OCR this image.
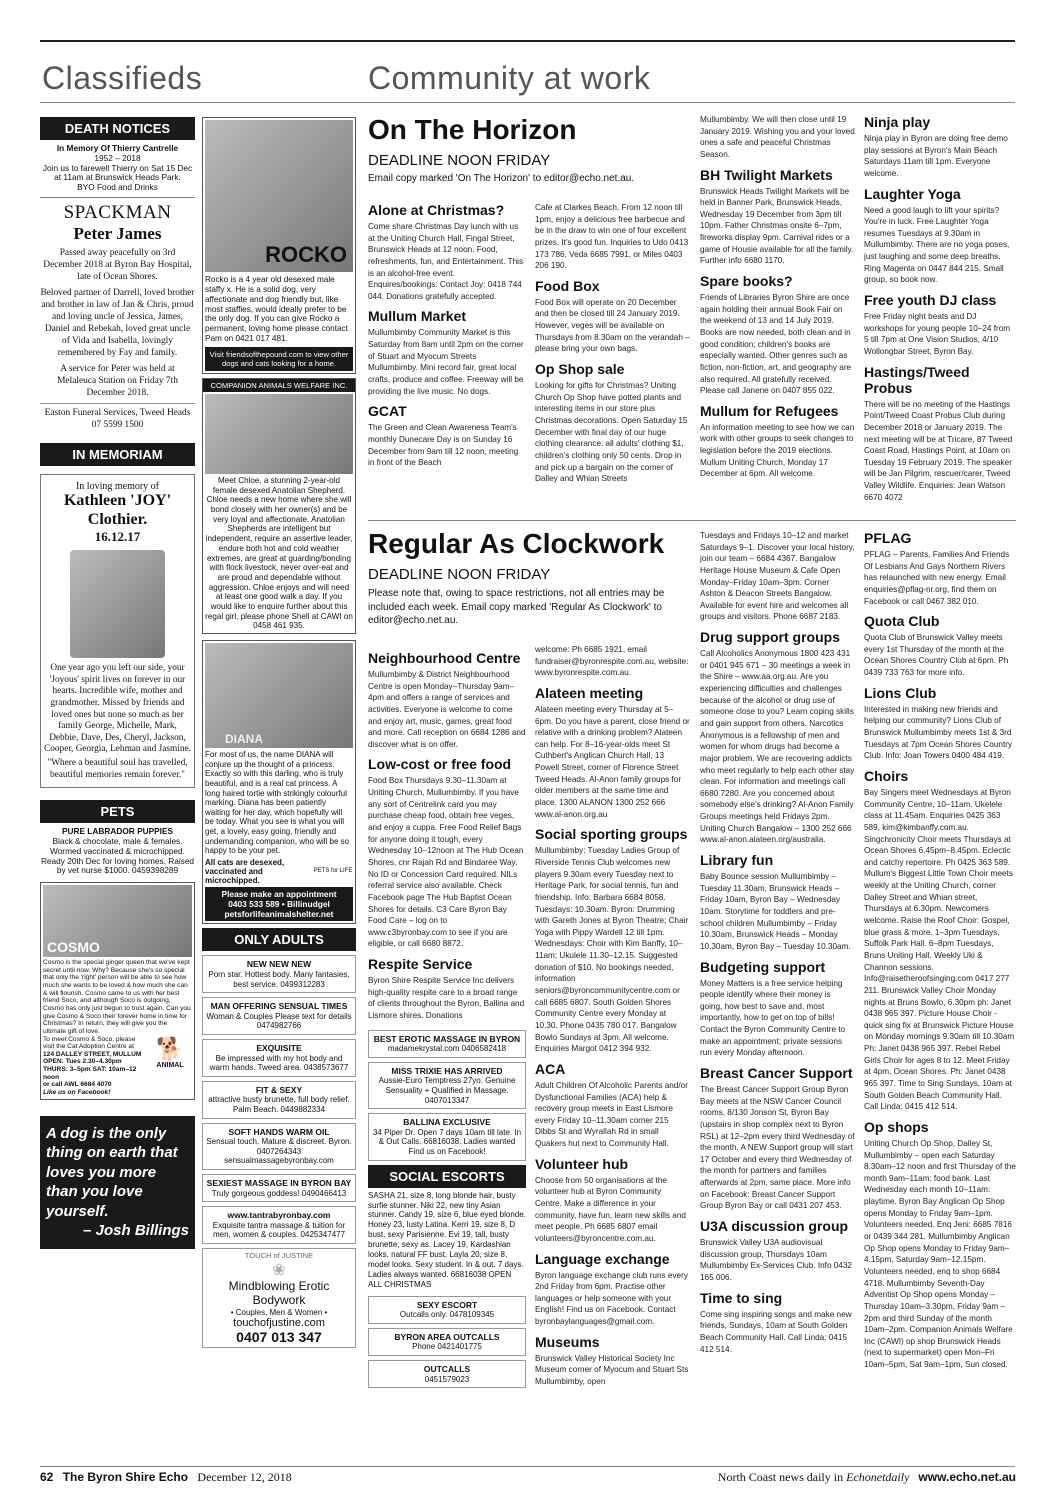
Classifieds	Community at work
DEATH NOTICES
In Memory Of Thierry Cantrelle
1952 – 2018
Join us to farewell Thierry on Sat 15 Dec
at 11am at Brunswick Heads Park.
BYO Food and Drinks
SPACKMAN
Peter James
Passed away peacefully on 3rd December 2018 at Byron Bay Hospital, late of Ocean Shores.
Beloved partner of Darrell, loved brother and brother in law of Jan & Chris, proud and loving uncle of Jessica, James, Daniel and Rebekah, loved great uncle of Vida and Isabella, lovingly remembered by Fay and family.
A service for Peter was held at Melaleuca Station on Friday 7th December 2018.
Easton Funeral Services, Tweed Heads 07 5599 1500
IN MEMORIAM
In loving memory of
Kathleen 'JOY' Clothier.
16.12.17
One year ago you left our side, your 'Joyous' spirit lives on forever in our hearts. Incredible wife, mother and grandmother. Missed by friends and loved ones but none so much as her family George, Michelle, Mark, Debbie, Dave, Des, Cheryl, Jackson, Cooper, Georgia, Lehman and Jasmine.
"Where a beautiful soul has travelled, beautiful memories remain forever."
PETS
PURE LABRADOR PUPPIES
Black & chocolate, male & females. Wormed vaccinated & microchipped. Ready 20th Dec for loving homes. Raised by vet nurse $1000. 0459398289
COSMO
Cosmo is the special ginger queen that we've kept secret until now. Why? Because she's so special that only the 'right' person will be able to see how much she wants to be loved & how much she can & will flourish. Cosmo came to us with her best friend Soco, and although Soco is outgoing, Cosmo has only just begun to trust again. Can you give Cosmo & Soco their forever home in time for Christmas? In return, they will give you the ultimate gift of love.
To meet Cosmo & Soco, please visit the Cat Adoption Centre at
124 DALLEY STREET, MULLUM
OPEN: Tues 2.30–4.30pm THURS: 3–5pm SAT: 10am–12 noon
or call AWL 6684 4070
Like us on Facebook!
🐕
ANIMAL
A dog is the only thing on earth that loves you more than you love yourself.
– Josh Billings
ROCKO
Rocko is a 4 year old desexed male staffy x. He is a solid dog, very affectionate and dog friendly but, like most staffies, would ideally prefer to be the only dog. If you can give Rocko a permanent, loving home please contact Pam on 0421 017 481.
Visit friendsofthepound.com to view other dogs and cats looking for a home.
COMPANION ANIMALS WELFARE INC.
Meet Chloe, a stunning 2-year-old female desexed Anatolian Shepherd. Chloe needs a new home where she will bond closely with her owner(s) and be very loyal and affectionate. Anatolian Shepherds are intelligent but independent, require an assertive leader, endure both hot and cold weather extremes, are great at guarding/bonding with flock livestock, never over-eat and are proud and dependable without aggression. Chloe enjoys and will need at least one good walk a day. If you would like to enquire further about this regal girl, please phone Shell at CAWI on 0458 461 935.
DIANA
For most of us, the name DIANA will conjure up the thought of a princess. Exactly so with this darling, who is truly beautiful, and is a real cat princess. A long haired tortie with strikingly colourful marking. Diana has been patiently waiting for her day, which hopefully will be today. What you see is what you will get, a lovely, easy going, friendly and undemanding companion, who will be so happy to be your pet.
All cats are desexed, vaccinated and microchipped.
PETS for LIFE
Please make an appointment
0403 533 589 • Billinudgel
petsforlifeanimalshelter.net
ONLY ADULTS
NEW NEW NEW
Porn star. Hottest body. Many fantasies, best service. 0499312283
MAN OFFERING SENSUAL TIMES
Woman & Couples Please text for details 0474982766
EXQUISITE
Be impressed with my hot body and warm hands. Tweed area. 0438573677
FIT & SEXY
attractive busty brunette, full body relief. Palm Beach. 0449882334
SOFT HANDS WARM OIL
Sensual touch. Mature & discreet. Byron. 0407264343 sensualmassagebyronbay.com
SEXIEST MASSAGE IN BYRON BAY
Truly gorgeous goddess! 0490466413
www.tantrabyronbay.com
Exquisite tantra massage & tuition for men, women & couples. 0425347477
TOUCH of JUSTINE
❀
Mindblowing Erotic Bodywork
• Couples, Men & Women •
touchofjustine.com
0407 013 347
On The Horizon
DEADLINE NOON FRIDAY
Email copy marked 'On The Horizon' to editor@echo.net.au.
Alone at Christmas?
Come share Christmas Day lunch with us at the Uniting Church Hall, Fingal Street, Brunswick Heads at 12 noon. Food, refreshments, fun, and Entertainment. This is an alcohol-free event. Enquires/bookings: Contact Joy: 0418 744 044. Donations gratefully accepted.
Mullum Market
Mullumbimby Community Market is this Saturday from 8am until 2pm on the corner of Stuart and Myocum Streets Mullumbimby. Mini record fair, great local crafts, produce and coffee. Freeway will be providing the live music. No dogs.
GCAT
The Green and Clean Awareness Team's monthly Dunecare Day is on Sunday 16 December from 9am till 12 noon, meeting in front of the Beach
Cafe at Clarkes Beach. From 12 noon till 1pm, enjoy a delicious free barbecue and be in the draw to win one of four excellent prizes. It's good fun. Inquiries to Udo 0413 173 786, Veda 6685 7991, or Miles 0403 206 190.
Food Box
Food Box will operate on 20 December and then be closed till 24 January 2019. However, veges will be available on Thursdays from 8.30am on the verandah – please bring your own bags.
Op Shop sale
Looking for gifts for Christmas? Uniting Church Op Shop have potted plants and interesting items in our store plus Christmas decorations. Open Saturday 15 December with final day of our huge clothing clearance: all adults' clothing $1, children's clothing only 50 cents. Drop in and pick up a bargain on the corner of Dalley and Whian Streets
Mullumbimby. We will then close until 19 January 2019. Wishing you and your loved ones a safe and peaceful Christmas Season.
BH Twilight Markets
Brunswick Heads Twilight Markets will be held in Banner Park, Brunswick Heads, Wednesday 19 December from 3pm till 10pm. Father Christmas onsite 6–7pm, fireworks display 9pm. Carnival rides or a game of Housie available for all the family. Further info 6680 1170.
Spare books?
Friends of Libraries Byron Shire are once again holding their annual Book Fair on the weekend of 13 and 14 July 2019. Books are now needed, both clean and in good condition; children's books are especially wanted. Other genres such as fiction, non-fiction, art, and geography are also required. All gratefully received. Please call Janene on 0407 855 022.
Mullum for Refugees
An information meeting to see how we can work with other groups to seek changes to legislation before the 2019 elections. Mullum Uniting Church, Monday 17 December at 6pm. All welcome.
Ninja play
Ninja play in Byron are doing free demo play sessions at Byron's Main Beach Saturdays 11am till 1pm. Everyone welcome.
Laughter Yoga
Need a good laugh to lift your spirits? You're in luck. Free Laughter Yoga resumes Tuesdays at 9.30am in Mullumbimby. There are no yoga poses, just laughing and some deep breaths. Ring Magenta on 0447 844 215. Small group, so book now.
Free youth DJ class
Free Friday night beats and DJ workshops for young people 10–24 from 5 till 7pm at One Vision Studios, 4/10 Wollongbar Street, Byron Bay.
Hastings/Tweed Probus
There will be no meeting of the Hastings Point/Tweed Coast Probus Club during December 2018 or January 2019. The next meeting will be at Tricare, 87 Tweed Coast Road, Hastings Point, at 10am on Tuesday 19 February 2019. The speaker will be Jan Pilgrim, rescuer/carer, Tweed Valley Wildlife. Enquiries: Jean Watson 6670 4072
Regular As Clockwork
DEADLINE NOON FRIDAY
Please note that, owing to space restrictions, not all entries may be included each week. Email copy marked 'Regular As Clockwork' to editor@echo.net.au.
Neighbourhood Centre
Mullumbimby & District Neighbourhood Centre is open Monday–Thursday 9am–4pm and offers a range of services and activities. Everyone is welcome to come and enjoy art, music, games, great food and more. Call reception on 6684 1286 and discover what is on offer.
Low-cost or free food
Food Box Thursdays 9.30–11.30am at Uniting Church, Mullumbimby. If you have any sort of Centrelink card you may purchase cheap food, obtain free veges, and enjoy a cuppa. Free Food Relief Bags for anyone doing it tough, every Wednesday 10–12noon at The Hub Ocean Shores, cnr Rajah Rd and Bindaree Way. No ID or Concession Card required. NILs referral service also available. Check Facebook page The Hub Baptist Ocean Shores for details. C3 Care Byron Bay Food Care – log on to www.c3byronbay.com to see if you are eligible, or call 6680 8872.
Respite Service
Byron Shire Respite Service Inc delivers high-quality respite care to a broad range of clients throughout the Byron, Ballina and Lismore shires. Donations
BEST EROTIC MASSAGE IN BYRON
madamekrystal.com 0406582418
MISS TRIXIE HAS ARRIVED
Aussie-Euro Temptress 27yo. Genuine Sensuality + Qualified in Massage. 0407013347
BALLINA EXCLUSIVE
34 Piper Dr. Open 7 days 10am till late. In & Out Calls. 66816038. Ladies wanted Find us on Facebook!
SOCIAL ESCORTS
SASHA 21, size 8, long blonde hair, busty surfie stunner. Niki 22, new tiny Asian stunner. Candy 19, size 6, blue eyed blonde. Honey 23, lusty Latina. Kerri 19, size 8, D bust, sexy Parisienne. Evi 19, tall, busty brunette, sexy as. Lacey 19, Kardashian looks, natural FF bust. Layla 20, size 8, model looks. Sexy student. In & out. 7 days. Ladies always wanted. 66816038 OPEN ALL CHRISTMAS
SEXY ESCORT
Outcalls only. 0478109345
BYRON AREA OUTCALLS
Phone 0421401775
OUTCALLS
0451579023
welcome: Ph 6685 1921, email fundraiser@byronrespite.com.au, website: www.byronrespite.com.au.
Alateen meeting
Alateen meeting every Thursday at 5–6pm. Do you have a parent, close friend or relative with a drinking problem? Alateen can help. For 8–16-year-olds meet St Cuthbert's Anglican Church Hall, 13 Powell Street, corner of Florence Street Tweed Heads. Al-Anon family groups for older members at the same time and place. 1300 ALANON 1300 252 666 www.al-anon.org.au
Social sporting groups
Mullumbimby: Tuesday Ladies Group of Riverside Tennis Club welcomes new players 9.30am every Tuesday next to Heritage Park, for social tennis, fun and friendship. Info: Barbara 6684 8058. Tuesdays: 10.30am. Byron: Drumming with Gareth Jones at Byron Theatre; Chair Yoga with Pippy Wardell 12 till 1pm. Wednesdays: Choir with Kim Banffy, 10–11am; Ukulele 11.30–12.15. Suggested donation of $10. No bookings needed, information seniors@byroncommunitycentre.com or call 6685 6807. South Golden Shores Community Centre every Monday at 10.30. Phone 0435 780 017. Bangalow Bowlo Sundays at 3pm. All welcome. Enquiries Margot 0412 394 932.
ACA
Adult Children Of Alcoholic Parents and/or Dysfunctional Families (ACA) help & recovery group meets in East Lismore every Friday 10–11.30am corner 215 Dibbs St and Wyrallah Rd in small Quakers hut next to Community Hall.
Volunteer hub
Choose from 50 organisations at the volunteer hub at Byron Community Centre. Make a difference in your community, have fun, learn new skills and meet people. Ph 6685 6807 email volunteers@byroncentre.com.au.
Language exchange
Byron language exchange club runs every 2nd Friday from 6pm. Practise other languages or help someone with your English! Find us on Facebook. Contact byronbaylanguages@gmail.com.
Museums
Brunswick Valley Historical Society Inc Museum corner of Myocum and Stuart Sts Mullumbimby, open
Tuesdays and Fridays 10–12 and market Saturdays 9–1. Discover your local history, join our team – 6684 4367. Bangalow Heritage House Museum & Cafe Open Monday–Friday 10am–3pm. Corner Ashton & Deacon Streets Bangalow. Available for event hire and welcomes all groups and visitors. Phone 6687 2183.
Drug support groups
Call Alcoholics Anonymous 1800 423 431 or 0401 945 671 – 30 meetings a week in the Shire – www.aa.org.au. Are you experiencing difficulties and challenges because of the alcohol or drug use of someone close to you? Learn coping skills and gain support from others. Narcotics Anonymous is a fellowship of men and women for whom drugs had become a major problem. We are recovering addicts who meet regularly to help each other stay clean. For information and meetings call 6680 7280. Are you concerned about somebody else's drinking? Al-Anon Family Groups meetings held Fridays 2pm. Uniting Church Bangalow – 1300 252 666 www.al-anon.alateen.org/australia.
Library fun
Baby Bounce session Mullumbimby – Tuesday 11.30am, Brunswick Heads – Friday 10am, Byron Bay – Wednesday 10am. Storytime for toddlers and pre-school children Mullumbimby – Friday 10.30am, Brunswick Heads – Monday 10.30am, Byron Bay – Tuesday 10.30am.
Budgeting support
Money Matters is a free service helping people identify where their money is going, how best to save and, most importantly, how to get on top of bills! Contact the Byron Community Centre to make an appointment; private sessions run every Monday afternoon.
Breast Cancer Support
The Breast Cancer Support Group Byron Bay meets at the NSW Cancer Council rooms, 8/130 Jonson St, Byron Bay (upstairs in shop complex next to Byron RSL) at 12–2pm every third Wednesday of the month. A NEW Support group will start 17 October and every third Wednesday of the month for partners and families afterwards at 2pm, same place. More info on Facebook: Breast Cancer Support Group Byron Bay or call 0431 207 453.
U3A discussion group
Brunswick Valley U3A audiovisual discussion group, Thursdays 10am Mullumbimby Ex-Services Club. Info 0432 165 006.
Time to sing
Come sing inspiring songs and make new friends, Sundays, 10am at South Golden Beach Community Hall. Call Linda: 0415 412 514.
PFLAG
PFLAG – Parents, Families And Friends Of Lesbians And Gays Northern Rivers has relaunched with new energy. Email enquiries@pflag-nr.org, find them on Facebook or call 0467 382 010.
Quota Club
Quota Club of Brunswick Valley meets every 1st Thursday of the month at the Ocean Shores Country Club at 6pm. Ph 0439 733 763 for more info.
Lions Club
Interested in making new friends and helping our community? Lions Club of Brunswick Mullumbimby meets 1st & 3rd Tuesdays at 7pm Ocean Shores Country Club. Info: Joan Towers 0400 484 419.
Choirs
Bay Singers meet Wednesdays at Byron Community Centre, 10–11am. Ukelele class at 11.45am. Enquiries 0425 363 589, kim@kimbanffy.com.au. Singchronicity Choir meets Thursdays at Ocean Shores 6.45pm–8.45pm. Eclectic and catchy repertoire. Ph 0425 363 589. Mullum's Biggest Little Town Choir meets weekly at the Uniting Church, corner Dalley Street and Whian street, Thursdays at 6.30pm. Newcomers welcome. Raise the Roof Choir: Gospel, blue grass & more. 1–3pm Tuesdays, Suffolk Park Hall. 6–8pm Tuesdays, Bruns Uniting Hall. Weekly Uki & Channon sessions. Info@raisetheroofsinging.com 0417 277 211. Brunswick Valley Choir Monday nights at Bruns Bowlo, 6.30pm ph: Janet 0438 965 397. Picture House Choir - quick sing fix at Brunswick Picture House on Monday mornings 9.30am till 10.30am Ph: Janet 0438 965 397. Rebel Rebel Girls Choir for ages 8 to 12. Meet Friday at 4pm, Ocean Shores. Ph: Janet 0438 965 397. Time to Sing Sundays, 10am at South Golden Beach Community Hall. Call Linda: 0415 412 514.
Op shops
Uniting Church Op Shop, Dalley St, Mullumbimby – open each Saturday 8.30am–12 noon and first Thursday of the month 9am–11am: food bank. Last Wednesday each month 10–11am: playtime. Byron Bay Anglican Op Shop opens Monday to Friday 9am–1pm. Volunteers needed. Enq Jeni: 6685 7816 or 0439 344 281. Mullumbimby Anglican Op Shop opens Monday to Friday 9am–4.15pm, Saturday 9am–12.15pm. Volunteers needed, enq to shop 6684 4718. Mullumbimby Seventh-Day Adventist Op Shop opens Monday – Thursday 10am–3.30pm, Friday 9am – 2pm and third Sunday of the month 10am–2pm. Companion Animals Welfare Inc (CAWI) op shop Brunswick Heads (next to supermarket) open Mon–Fri 10am–5pm, Sat 9am–1pm, Sun closed.
62 The Byron Shire Echo December 12, 2018	North Coast news daily in Echonetdaily www.echo.net.au
